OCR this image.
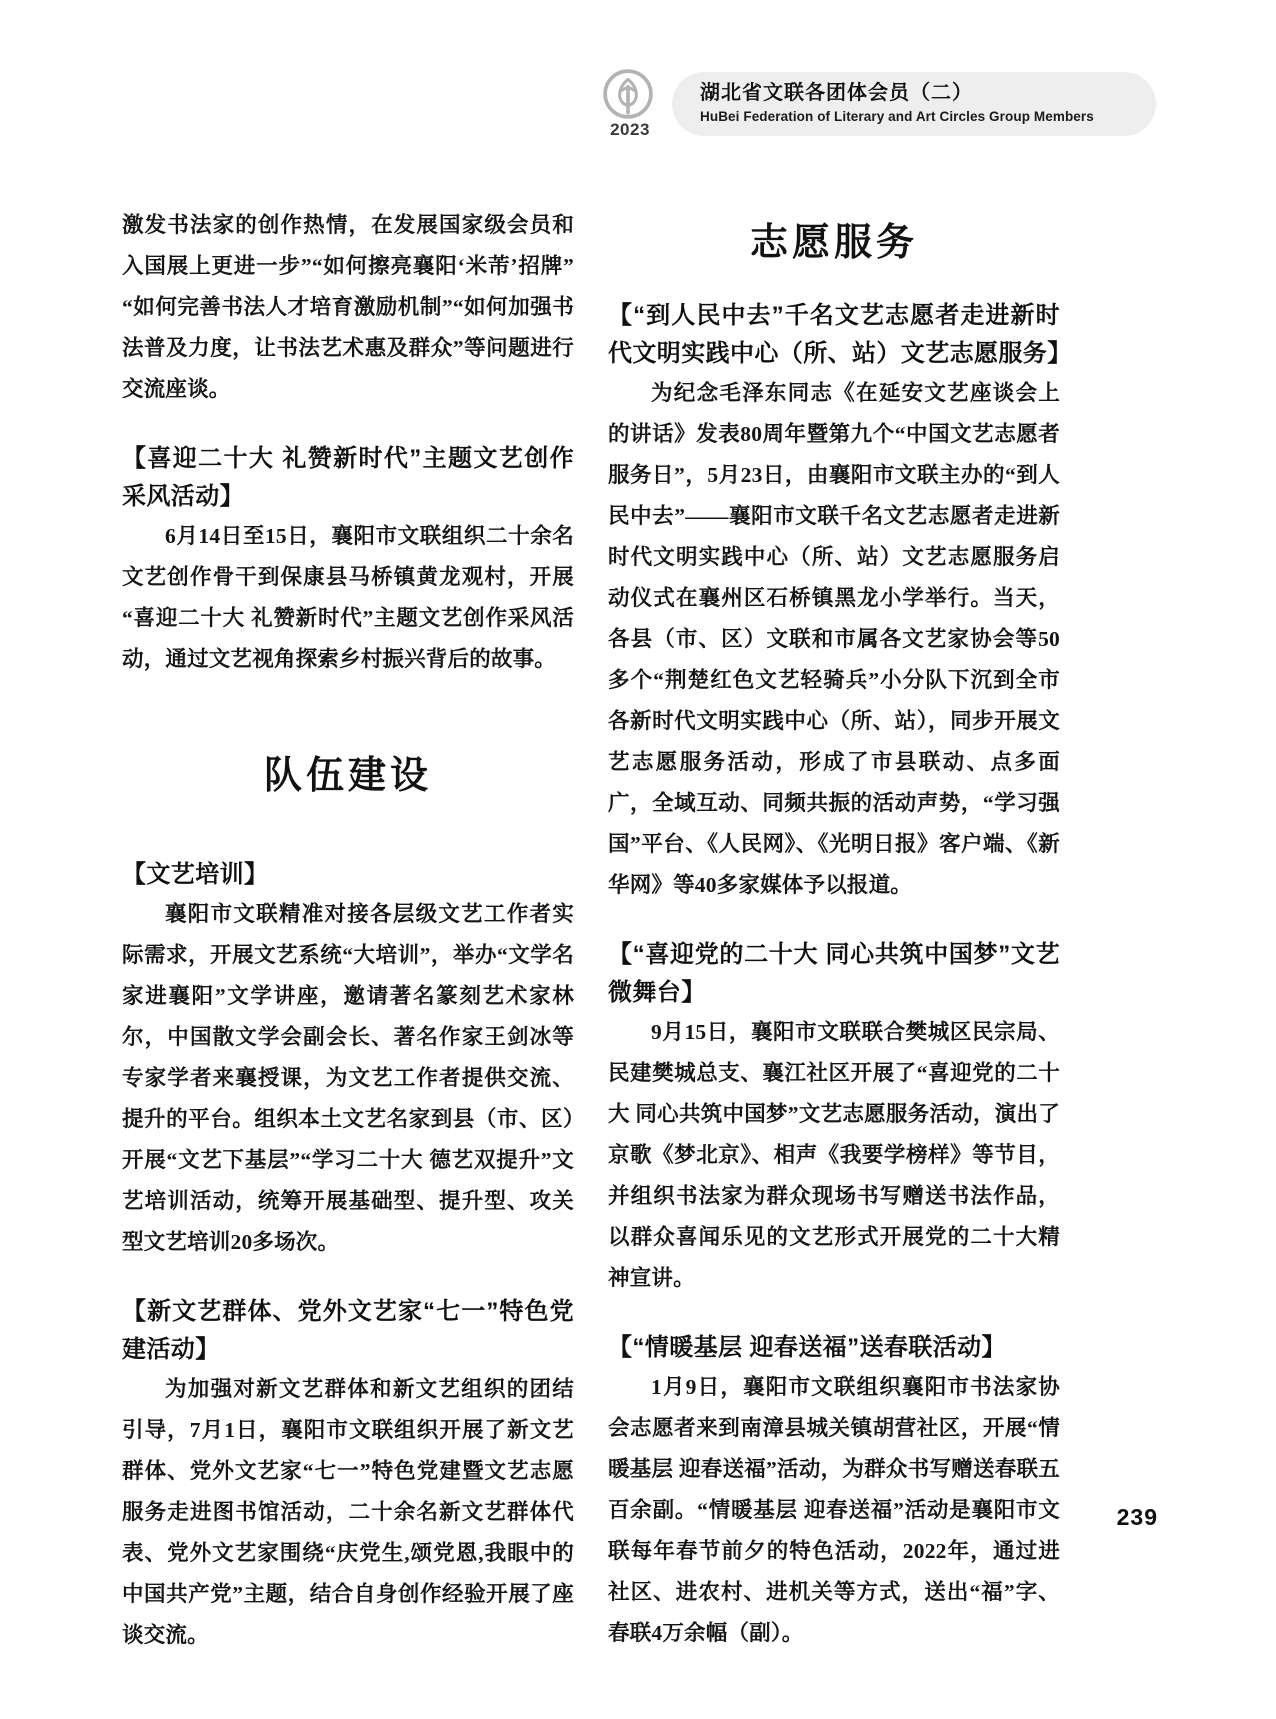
2023
湖北省文联各团体会员（二）
HuBei Federation of Literary and Art Circles Group Members

激发书法家的创作热情，在发展国家级会员和入国展上更进一步”“如何擦亮襄阳‘米芾’招牌”“如何完善书法人才培育激励机制”“如何加强书法普及力度，让书法艺术惠及群众”等问题进行交流座谈。

【喜迎二十大 礼赞新时代”主题文艺创作采风活动】

6月14日至15日，襄阳市文联组织二十余名文艺创作骨干到保康县马桥镇黄龙观村，开展“喜迎二十大 礼赞新时代”主题文艺创作采风活动，通过文艺视角探索乡村振兴背后的故事。

队伍建设
【文艺培训】

襄阳市文联精准对接各层级文艺工作者实际需求，开展文艺系统“大培训”，举办“文学名家进襄阳”文学讲座，邀请著名篆刻艺术家林尔，中国散文学会副会长、著名作家王剑冰等专家学者来襄授课，为文艺工作者提供交流、提升的平台。组织本土文艺名家到县（市、区）开展“文艺下基层”“学习二十大 德艺双提升”文艺培训活动，统筹开展基础型、提升型、攻关型文艺培训20多场次。

【新文艺群体、党外文艺家“七一”特色党建活动】

为加强对新文艺群体和新文艺组织的团结引导，7月1日，襄阳市文联组织开展了新文艺群体、党外文艺家“七一”特色党建暨文艺志愿服务走进图书馆活动，二十余名新文艺群体代表、党外文艺家围绕“庆党生,颂党恩,我眼中的中国共产党”主题，结合自身创作经验开展了座谈交流。

志愿服务
【“到人民中去”千名文艺志愿者走进新时代文明实践中心（所、站）文艺志愿服务】

为纪念毛泽东同志《在延安文艺座谈会上的讲话》发表80周年暨第九个“中国文艺志愿者服务日”，5月23日，由襄阳市文联主办的“到人民中去”——襄阳市文联千名文艺志愿者走进新时代文明实践中心（所、站）文艺志愿服务启动仪式在襄州区石桥镇黑龙小学举行。当天，各县（市、区）文联和市属各文艺家协会等50多个“荆楚红色文艺轻骑兵”小分队下沉到全市各新时代文明实践中心（所、站），同步开展文艺志愿服务活动，形成了市县联动、点多面广，全域互动、同频共振的活动声势，“学习强国”平台、《人民网》、《光明日报》客户端、《新华网》等40多家媒体予以报道。

【“喜迎党的二十大 同心共筑中国梦”文艺微舞台】

9月15日，襄阳市文联联合樊城区民宗局、民建樊城总支、襄江社区开展了“喜迎党的二十大 同心共筑中国梦”文艺志愿服务活动，演出了京歌《梦北京》、相声《我要学榜样》等节目，并组织书法家为群众现场书写赠送书法作品，以群众喜闻乐见的文艺形式开展党的二十大精神宣讲。

【“情暖基层 迎春送福”送春联活动】

1月9日，襄阳市文联组织襄阳市书法家协会志愿者来到南漳县城关镇胡营社区，开展“情暖基层 迎春送福”活动，为群众书写赠送春联五百余副。“情暖基层 迎春送福”活动是襄阳市文联每年春节前夕的特色活动，2022年，通过进社区、进农村、进机关等方式，送出“福”字、春联4万余幅（副）。

239
